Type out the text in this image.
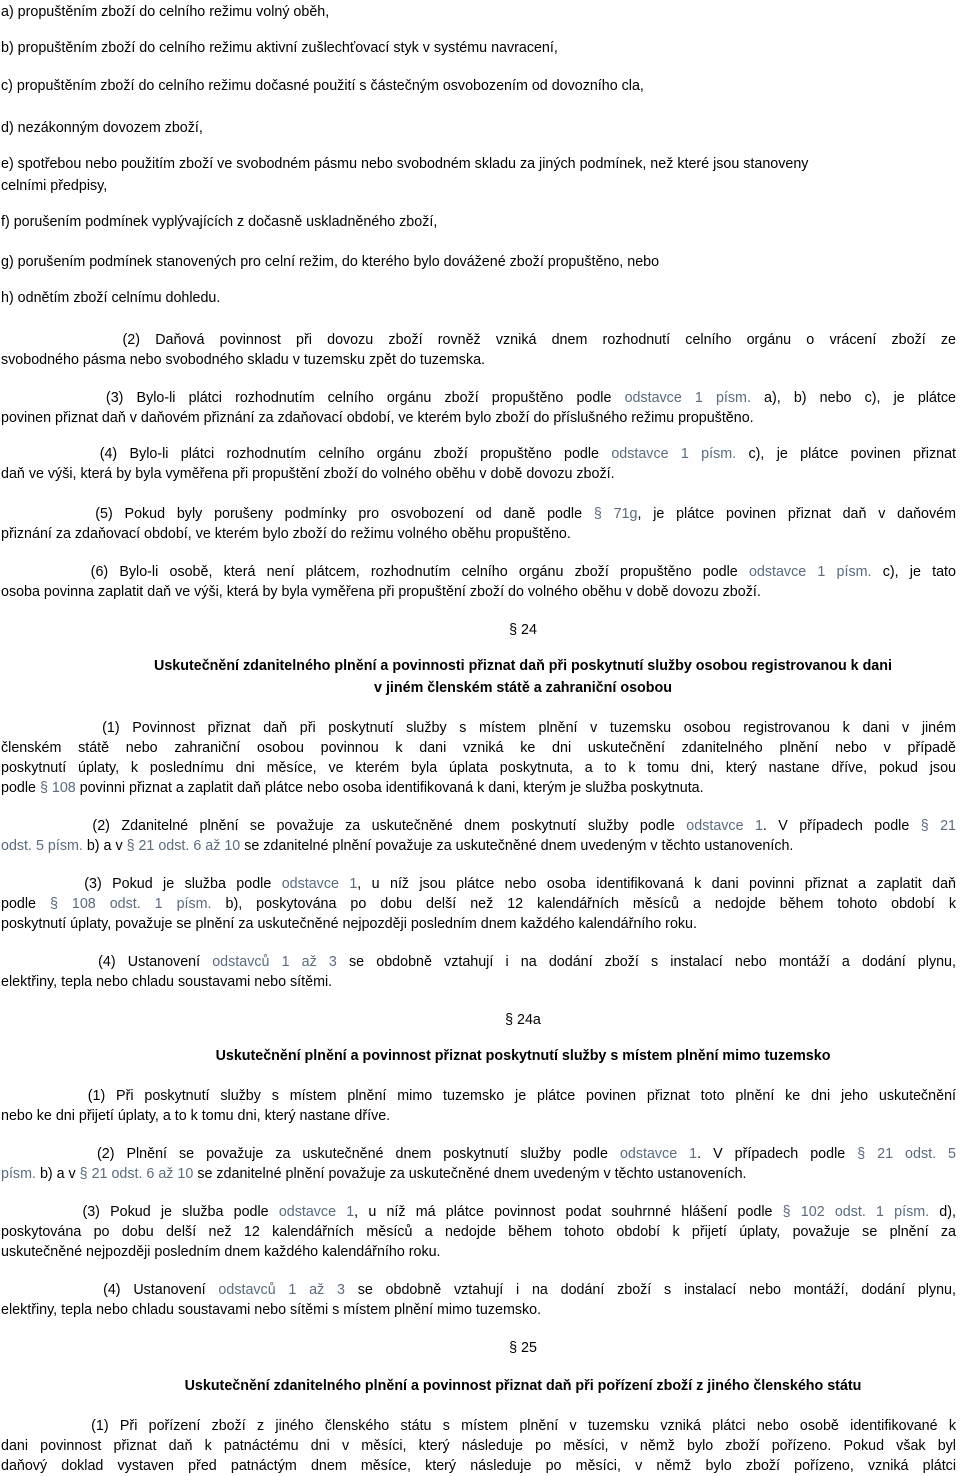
a) propuštěním zboží do celního režimu volný oběh,
b) propuštěním zboží do celního režimu aktivní zušlechťovací styk v systému navracení,
c) propuštěním zboží do celního režimu dočasné použití s částečným osvobozením od dovozního cla,
d) nezákonným dovozem zboží,
e) spotřebou nebo použitím zboží ve svobodném pásmu nebo svobodném skladu za jiných podmínek, než které jsou stanoveny
celními předpisy,
f) porušením podmínek vyplývajících z dočasně uskladněného zboží,
g) porušením podmínek stanovených pro celní režim, do kterého bylo dovážené zboží propuštěno, nebo
h) odnětím zboží celnímu dohledu.
(2) Daňová povinnost při dovozu zboží rovněž vzniká dnem rozhodnutí celního orgánu o vrácení zboží ze
svobodného pásma nebo svobodného skladu v tuzemsku zpět do tuzemska.
(3) Bylo-li plátci rozhodnutím celního orgánu zboží propuštěno podle odstavce 1 písm. a), b) nebo c), je plátce
povinen přiznat daň v daňovém přiznání za zdaňovací období, ve kterém bylo zboží do příslušného režimu propuštěno.
(4) Bylo-li plátci rozhodnutím celního orgánu zboží propuštěno podle odstavce 1 písm. c), je plátce povinen přiznat
daň ve výši, která by byla vyměřena při propuštění zboží do volného oběhu v době dovozu zboží.
(5) Pokud byly porušeny podmínky pro osvobození od daně podle § 71g, je plátce povinen přiznat daň v daňovém
přiznání za zdaňovací období, ve kterém bylo zboží do režimu volného oběhu propuštěno.
(6) Bylo-li osobě, která není plátcem, rozhodnutím celního orgánu zboží propuštěno podle odstavce 1 písm. c), je tato
osoba povinna zaplatit daň ve výši, která by byla vyměřena při propuštění zboží do volného oběhu v době dovozu zboží.
§ 24
Uskutečnění zdanitelného plnění a povinnosti přiznat daň při poskytnutí služby osobou registrovanou k dani
v jiném členském státě a zahraniční osobou
(1) Povinnost přiznat daň při poskytnutí služby s místem plnění v tuzemsku osobou registrovanou k dani v jiném
členském státě nebo zahraniční osobou povinnou k dani vzniká ke dni uskutečnění zdanitelného plnění nebo v případě
poskytnutí úplaty, k poslednímu dni měsíce, ve kterém byla úplata poskytnuta, a to k tomu dni, který nastane dříve, pokud jsou
podle § 108 povinni přiznat a zaplatit daň plátce nebo osoba identifikovaná k dani, kterým je služba poskytnuta.
(2) Zdanitelné plnění se považuje za uskutečněné dnem poskytnutí služby podle odstavce 1. V případech podle § 21
odst. 5 písm. b) a v § 21 odst. 6 až 10 se zdanitelné plnění považuje za uskutečněné dnem uvedeným v těchto ustanoveních.
(3) Pokud je služba podle odstavce 1, u níž jsou plátce nebo osoba identifikovaná k dani povinni přiznat a zaplatit daň
podle § 108 odst. 1 písm. b), poskytována po dobu delší než 12 kalendářních měsíců a nedojde během tohoto období k
poskytnutí úplaty, považuje se plnění za uskutečněné nejpozději posledním dnem každého kalendářního roku.
(4) Ustanovení odstavců 1 až 3 se obdobně vztahují i na dodání zboží s instalací nebo montáží a dodání plynu,
elektřiny, tepla nebo chladu soustavami nebo sítěmi.
§ 24a
Uskutečnění plnění a povinnost přiznat poskytnutí služby s místem plnění mimo tuzemsko
(1) Při poskytnutí služby s místem plnění mimo tuzemsko je plátce povinen přiznat toto plnění ke dni jeho uskutečnění
nebo ke dni přijetí úplaty, a to k tomu dni, který nastane dříve.
(2) Plnění se považuje za uskutečněné dnem poskytnutí služby podle odstavce 1. V případech podle § 21 odst. 5
písm. b) a v § 21 odst. 6 až 10 se zdanitelné plnění považuje za uskutečněné dnem uvedeným v těchto ustanoveních.
(3) Pokud je služba podle odstavce 1, u níž má plátce povinnost podat souhrnné hlášení podle § 102 odst. 1 písm. d),
poskytována po dobu delší než 12 kalendářních měsíců a nedojde během tohoto období k přijetí úplaty, považuje se plnění za
uskutečněné nejpozději posledním dnem každého kalendářního roku.
(4) Ustanovení odstavců 1 až 3 se obdobně vztahují i na dodání zboží s instalací nebo montáží, dodání plynu,
elektřiny, tepla nebo chladu soustavami nebo sítěmi s místem plnění mimo tuzemsko.
§ 25
Uskutečnění zdanitelného plnění a povinnost přiznat daň při pořízení zboží z jiného členského státu
(1) Při pořízení zboží z jiného členského státu s místem plnění v tuzemsku vzniká plátci nebo osobě identifikované k
dani povinnost přiznat daň k patnáctému dni v měsíci, který následuje po měsíci, v němž bylo zboží pořízeno. Pokud však byl
daňový doklad vystaven před patnáctým dnem měsíce, který následuje po měsíci, v němž bylo zboží pořízeno, vzniká plátci
